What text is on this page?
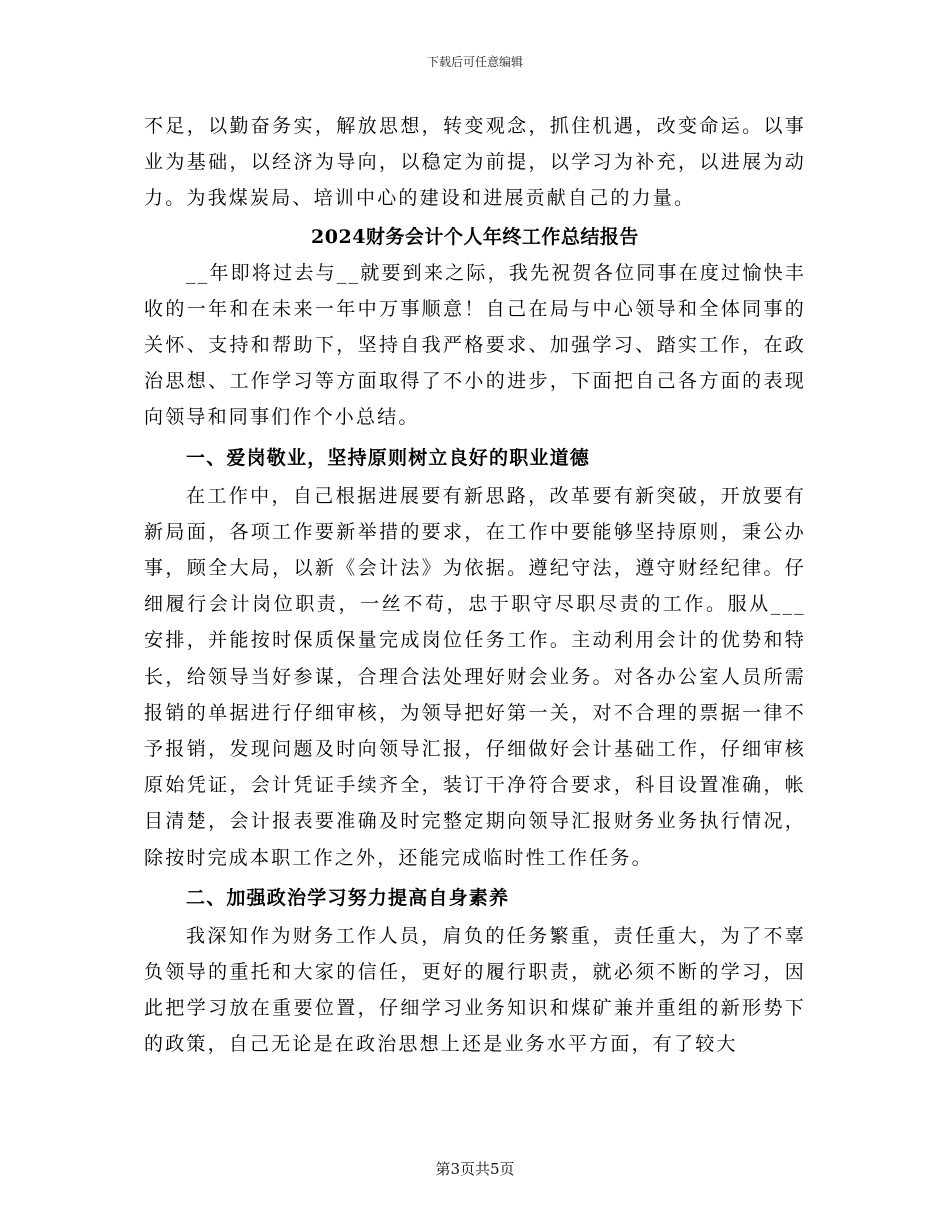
下载后可任意编辑

不足，以勤奋务实，解放思想，转变观念，抓住机遇，改变命运。以事业为基础，以经济为导向，以稳定为前提，以学习为补充，以进展为动力。为我煤炭局、培训中心的建设和进展贡献自己的力量。

2024财务会计个人年终工作总结报告

__年即将过去与__就要到来之际，我先祝贺各位同事在度过愉快丰收的一年和在未来一年中万事顺意！自己在局与中心领导和全体同事的关怀、支持和帮助下，坚持自我严格要求、加强学习、踏实工作，在政治思想、工作学习等方面取得了不小的进步，下面把自己各方面的表现向领导和同事们作个小总结。

一、爱岗敬业，坚持原则树立良好的职业道德

在工作中，自己根据进展要有新思路，改革要有新突破，开放要有新局面，各项工作要新举措的要求，在工作中要能够坚持原则，秉公办事，顾全大局，以新《会计法》为依据。遵纪守法，遵守财经纪律。仔细履行会计岗位职责，一丝不苟，忠于职守尽职尽责的工作。服从___安排，并能按时保质保量完成岗位任务工作。主动利用会计的优势和特长，给领导当好参谋，合理合法处理好财会业务。对各办公室人员所需报销的单据进行仔细审核，为领导把好第一关，对不合理的票据一律不予报销，发现问题及时向领导汇报，仔细做好会计基础工作，仔细审核原始凭证，会计凭证手续齐全，装订干净符合要求，科目设置准确，帐目清楚，会计报表要准确及时完整定期向领导汇报财务业务执行情况，除按时完成本职工作之外，还能完成临时性工作任务。

二、加强政治学习努力提高自身素养

我深知作为财务工作人员，肩负的任务繁重，责任重大，为了不辜负领导的重托和大家的信任，更好的履行职责，就必须不断的学习，因此把学习放在重要位置，仔细学习业务知识和煤矿兼并重组的新形势下的政策，自己无论是在政治思想上还是业务水平方面，有了较大

第3页共5页
